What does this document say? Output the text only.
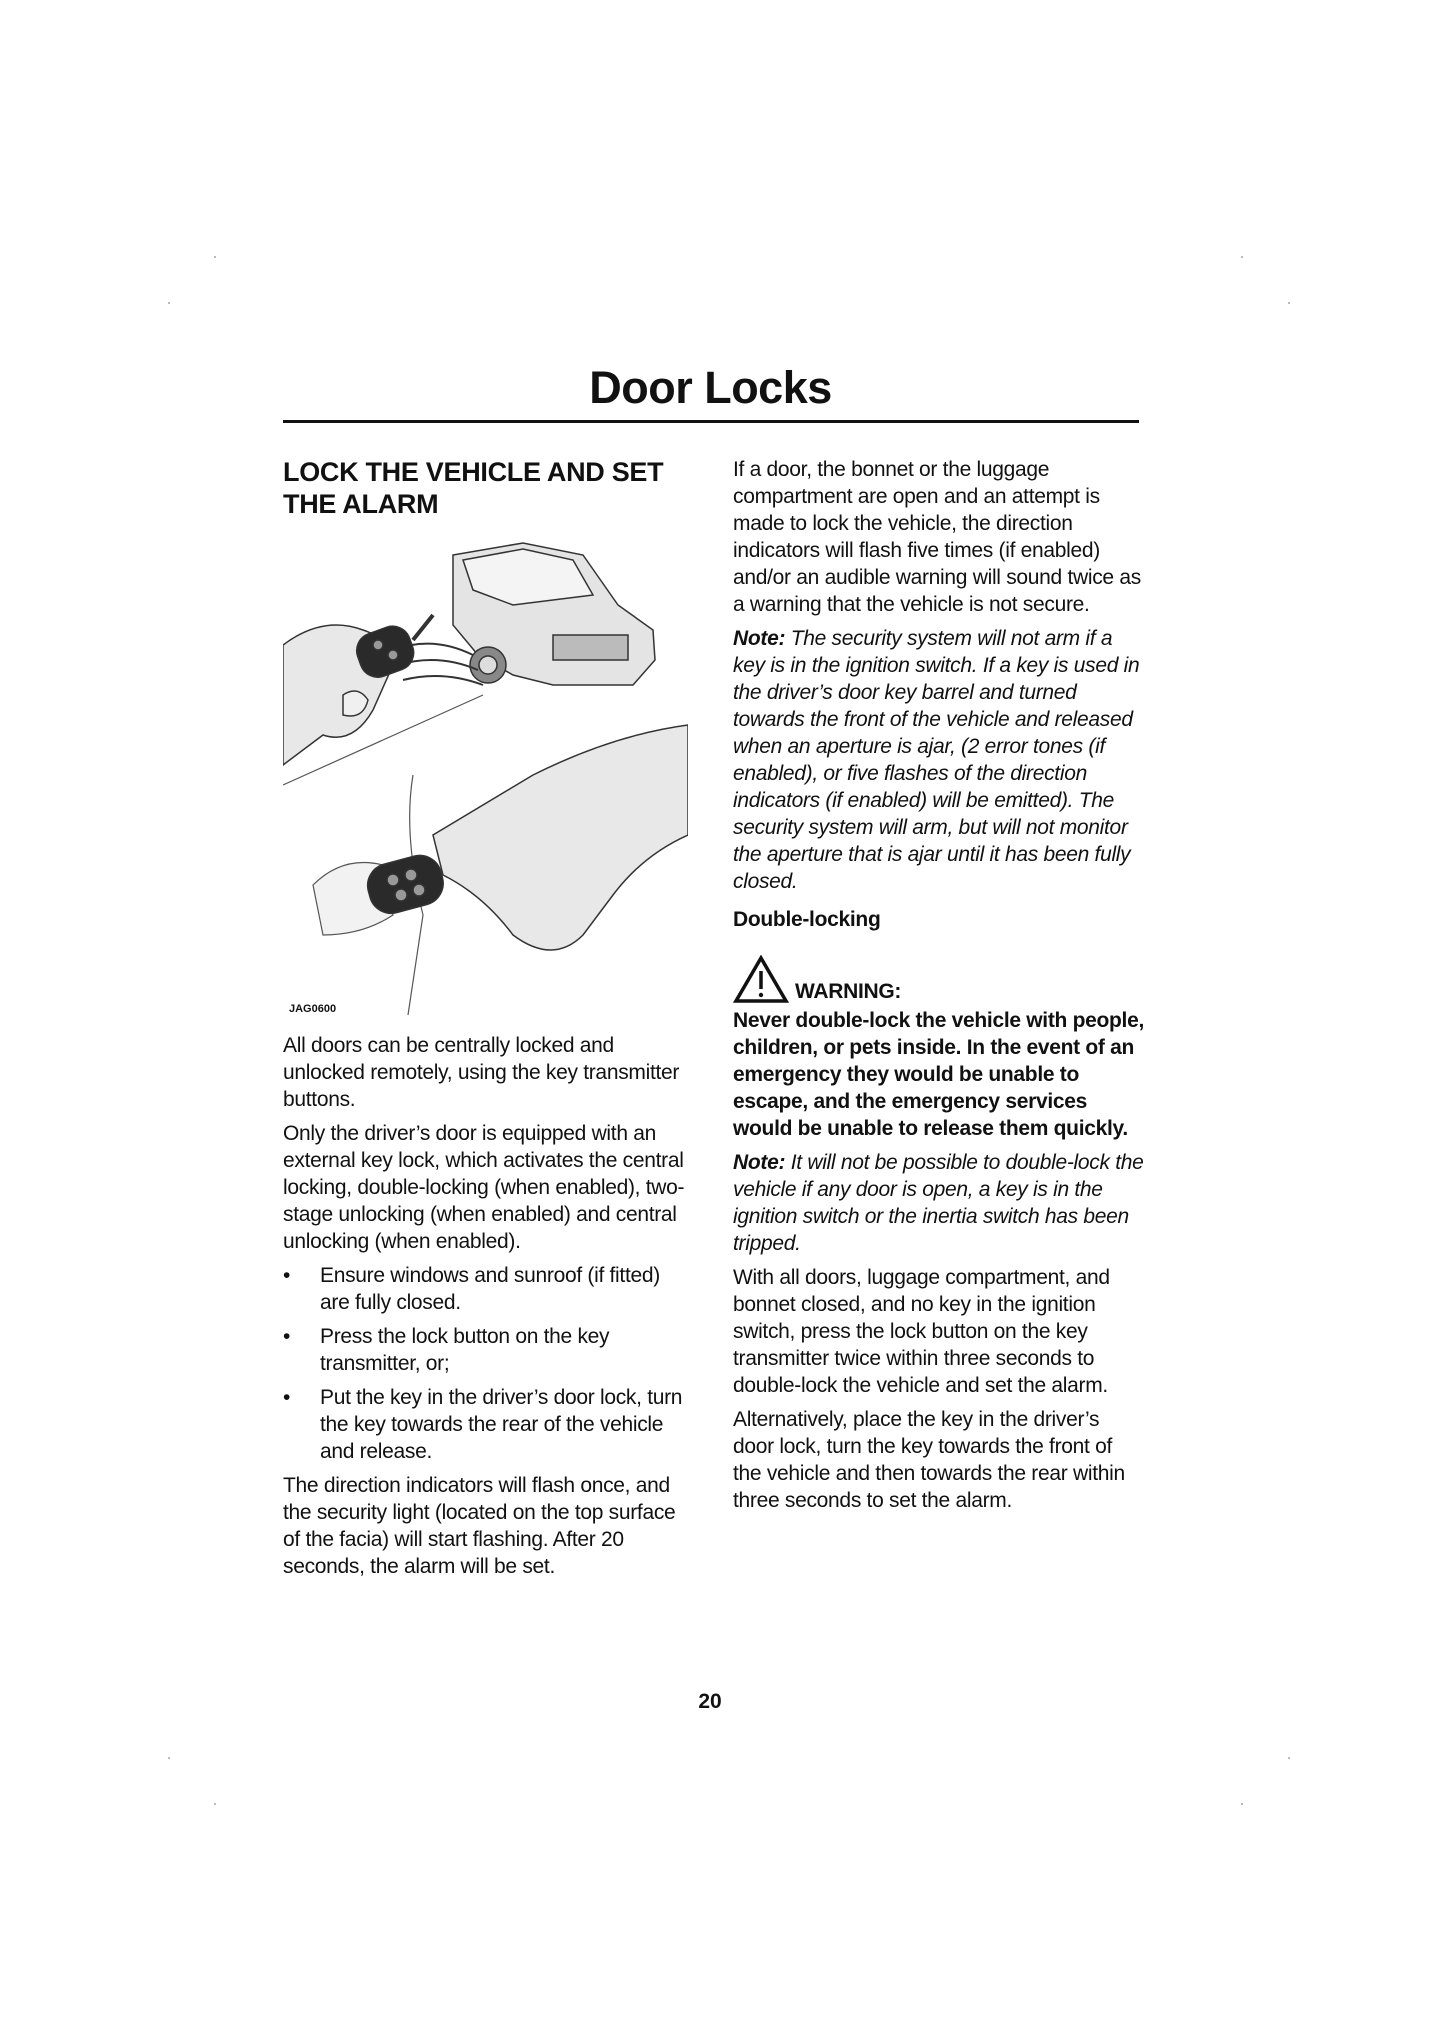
Door Locks
LOCK THE VEHICLE AND SET THE ALARM
JAG0600

All doors can be centrally locked and unlocked remotely, using the key transmitter buttons.

Only the driver’s door is equipped with an external key lock, which activates the central locking, double-locking (when enabled), two-stage unlocking (when enabled) and central unlocking (when enabled).

• Ensure windows and sunroof (if fitted) are fully closed.
• Press the lock button on the key transmitter, or;
• Put the key in the driver’s door lock, turn the key towards the rear of the vehicle and release.

The direction indicators will flash once, and the security light (located on the top surface of the facia) will start flashing. After 20 seconds, the alarm will be set.

If a door, the bonnet or the luggage compartment are open and an attempt is made to lock the vehicle, the direction indicators will flash five times (if enabled) and/or an audible warning will sound twice as a warning that the vehicle is not secure.

Note: The security system will not arm if a key is in the ignition switch. If a key is used in the driver’s door key barrel and turned towards the front of the vehicle and released when an aperture is ajar, (2 error tones (if enabled), or five flashes of the direction indicators (if enabled) will be emitted). The security system will arm, but will not monitor the aperture that is ajar until it has been fully closed.

Double-locking
WARNING:
Never double-lock the vehicle with people, children, or pets inside. In the event of an emergency they would be unable to escape, and the emergency services would be unable to release them quickly.

Note: It will not be possible to double-lock the vehicle if any door is open, a key is in the ignition switch or the inertia switch has been tripped.

With all doors, luggage compartment, and bonnet closed, and no key in the ignition switch, press the lock button on the key transmitter twice within three seconds to double-lock the vehicle and set the alarm.

Alternatively, place the key in the driver’s door lock, turn the key towards the front of the vehicle and then towards the rear within three seconds to set the alarm.

20
